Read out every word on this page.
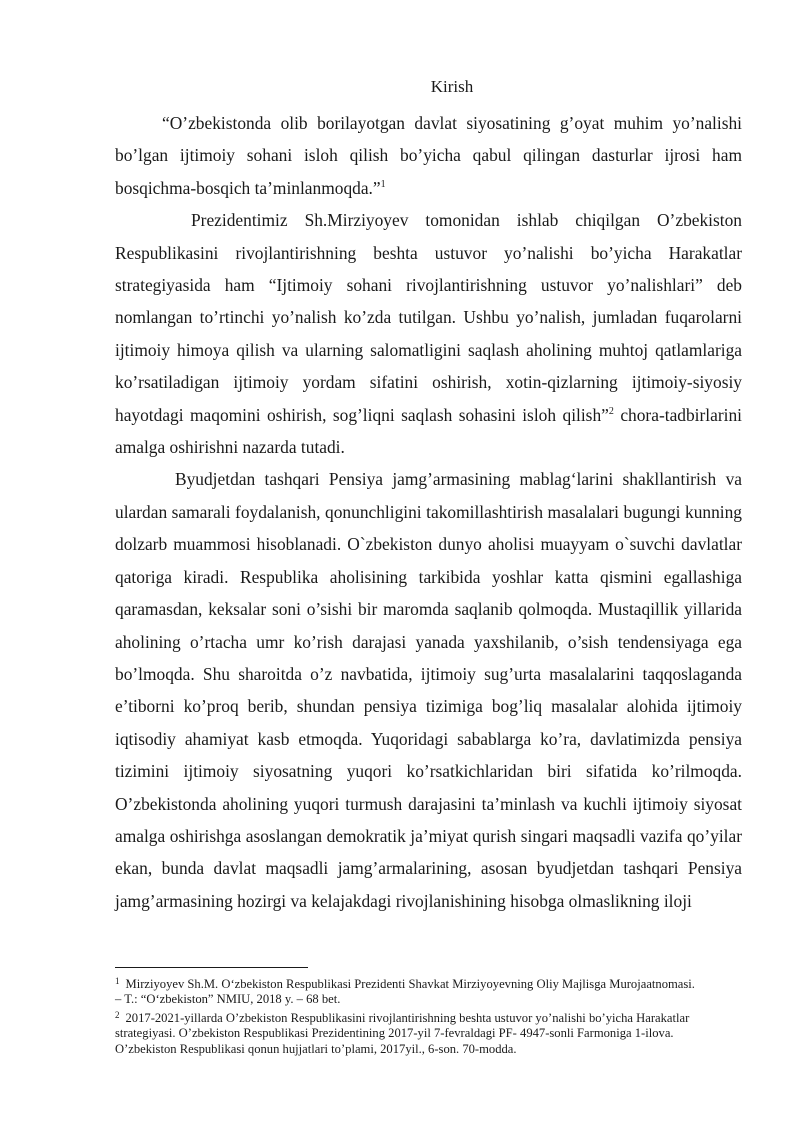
Kirish

“O’zbekistonda olib borilayotgan davlat siyosatining g’oyat muhim yo’nalishi bo’lgan ijtimoiy sohani isloh qilish bo’yicha qabul qilingan dasturlar ijrosi ham bosqichma-bosqich ta’minlanmoqda.”$^1$

Prezidentimiz Sh.Mirziyoyev tomonidan ishlab chiqilgan O’zbekiston Respublikasini rivojlantirishning beshta ustuvor yo’nalishi bo’yicha Harakatlar strategiyasida ham “Ijtimoiy sohani rivojlantirishning ustuvor yo’nalishlari” deb nomlangan to’rtinchi yo’nalish ko’zda tutilgan. Ushbu yo’nalish, jumladan fuqarolarni ijtimoiy himoya qilish va ularning salomatligini saqlash aholining muhtoj qatlamlariga ko’rsatiladigan ijtimoiy yordam sifatini oshirish, xotin-qizlarning ijtimoiy-siyosiy hayotdagi maqomini oshirish, sog’liqni saqlash sohasini isloh qilish”$^2$ chora-tadbirlarini amalga oshirishni nazarda tutadi.

Byudjetdan tashqari Pensiya jamg’armasining mablag‘larini shakllantirish va ulardan samarali foydalanish, qonunchligini takomillashtirish masalalari bugungi kunning dolzarb muammosi hisoblanadi. O`zbekiston dunyo aholisi muayyam o`suvchi davlatlar qatoriga kiradi. Respublika aholisining tarkibida yoshlar katta qismini egallashiga qaramasdan, keksalar soni o’sishi bir maromda saqlanib qolmoqda. Mustaqillik yillarida aholining o’rtacha umr ko’rish darajasi yanada yaxshilanib, o’sish tendensiyaga ega bo’lmoqda. Shu sharoitda o’z navbatida, ijtimoiy sug’urta masalalarini taqqoslaganda e’tiborni ko’proq berib, shundan pensiya tizimiga bog’liq masalalar alohida ijtimoiy iqtisodiy ahamiyat kasb etmoqda. Yuqoridagi sabablarga ko’ra, davlatimizda pensiya tizimini ijtimoiy siyosatning yuqori ko’rsatkichlaridan biri sifatida ko’rilmoqda. O’zbekistonda aholining yuqori turmush darajasini ta’minlash va kuchli ijtimoiy siyosat amalga oshirishga asoslangan demokratik ja’miyat qurish singari maqsadli vazifa qo’yilar ekan, bunda davlat maqsadli jamg’armalarining, asosan byudjetdan tashqari Pensiya jamg’armasining hozirgi va kelajakdagi rivojlanishining hisobga olmaslikning iloji

$^1$ Mirziyoyev Sh.M. O‘zbekiston Respublikasi Prezidenti Shavkat Mirziyoyevning Oliy Majlisga Murojaatnomasi.

– T.: “O‘zbekiston” NMIU, 2018 y. – 68 bet.

$^2$ 2017-2021-yillarda O’zbekiston Respublikasini rivojlantirishning beshta ustuvor yo’nalishi bo’yicha Harakatlar

strategiyasi. O’zbekiston Respublikasi Prezidentining 2017-yil 7-fevraldagi PF- 4947-sonli Farmoniga 1-ilova.

O’zbekiston Respublikasi qonun hujjatlari to’plami, 2017yil., 6-son. 70-modda.
